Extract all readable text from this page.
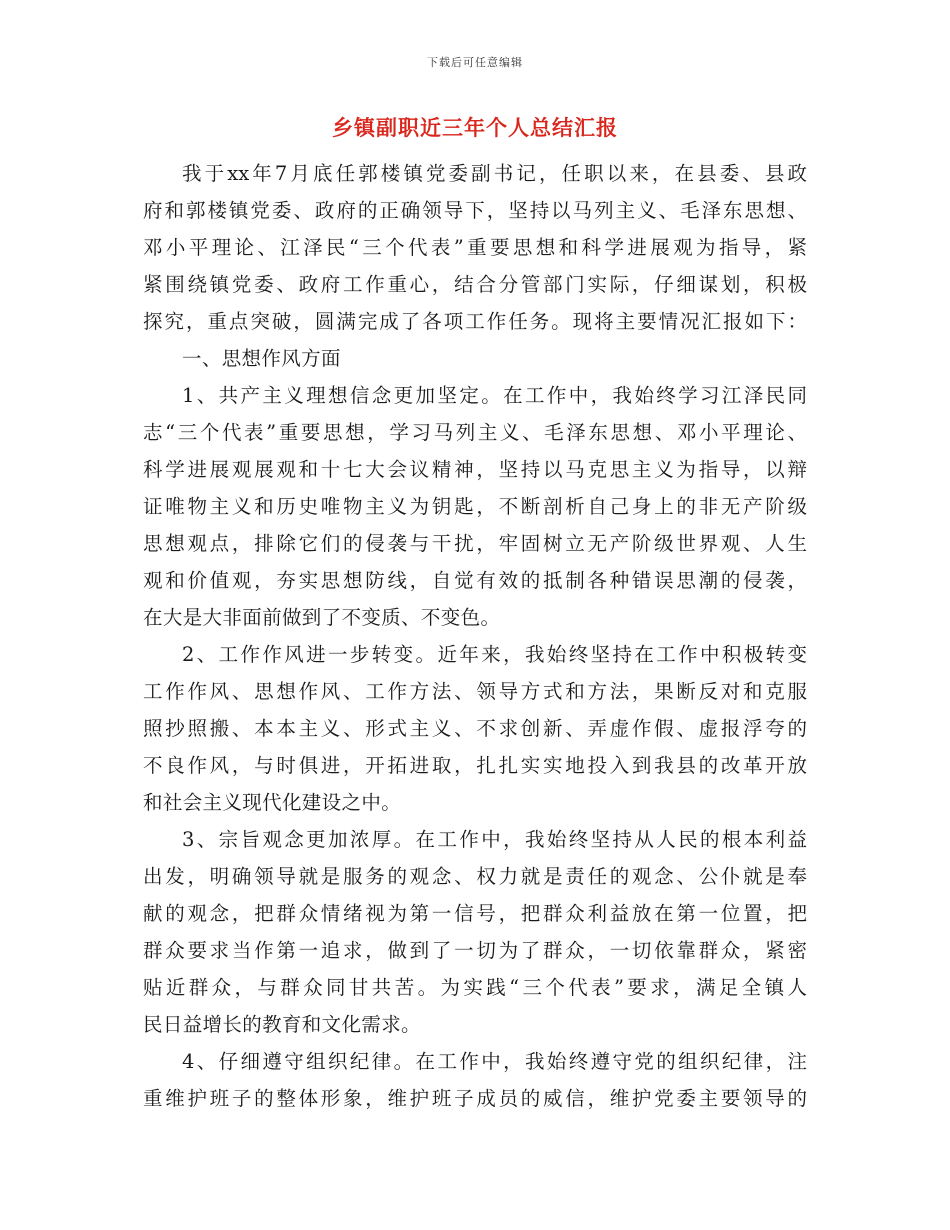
下载后可任意编辑
乡镇副职近三年个人总结汇报
我于xx年7月底任郭楼镇党委副书记，任职以来，在县委、县政
府和郭楼镇党委、政府的正确领导下，坚持以马列主义、毛泽东思想、
邓小平理论、江泽民“三个代表”重要思想和科学进展观为指导，紧
紧围绕镇党委、政府工作重心，结合分管部门实际，仔细谋划，积极
探究，重点突破，圆满完成了各项工作任务。现将主要情况汇报如下：
一、思想作风方面
1、共产主义理想信念更加坚定。在工作中，我始终学习江泽民同
志“三个代表”重要思想，学习马列主义、毛泽东思想、邓小平理论、
科学进展观展观和十七大会议精神，坚持以马克思主义为指导，以辩
证唯物主义和历史唯物主义为钥匙，不断剖析自己身上的非无产阶级
思想观点，排除它们的侵袭与干扰，牢固树立无产阶级世界观、人生
观和价值观，夯实思想防线，自觉有效的抵制各种错误思潮的侵袭，
在大是大非面前做到了不变质、不变色。
2、工作作风进一步转变。近年来，我始终坚持在工作中积极转变
工作作风、思想作风、工作方法、领导方式和方法，果断反对和克服
照抄照搬、本本主义、形式主义、不求创新、弄虚作假、虚报浮夸的
不良作风，与时俱进，开拓进取，扎扎实实地投入到我县的改革开放
和社会主义现代化建设之中。
3、宗旨观念更加浓厚。在工作中，我始终坚持从人民的根本利益
出发，明确领导就是服务的观念、权力就是责任的观念、公仆就是奉
献的观念，把群众情绪视为第一信号，把群众利益放在第一位置，把
群众要求当作第一追求，做到了一切为了群众，一切依靠群众，紧密
贴近群众，与群众同甘共苦。为实践“三个代表”要求，满足全镇人
民日益增长的教育和文化需求。
4、仔细遵守组织纪律。在工作中，我始终遵守党的组织纪律，注
重维护班子的整体形象，维护班子成员的威信，维护党委主要领导的
